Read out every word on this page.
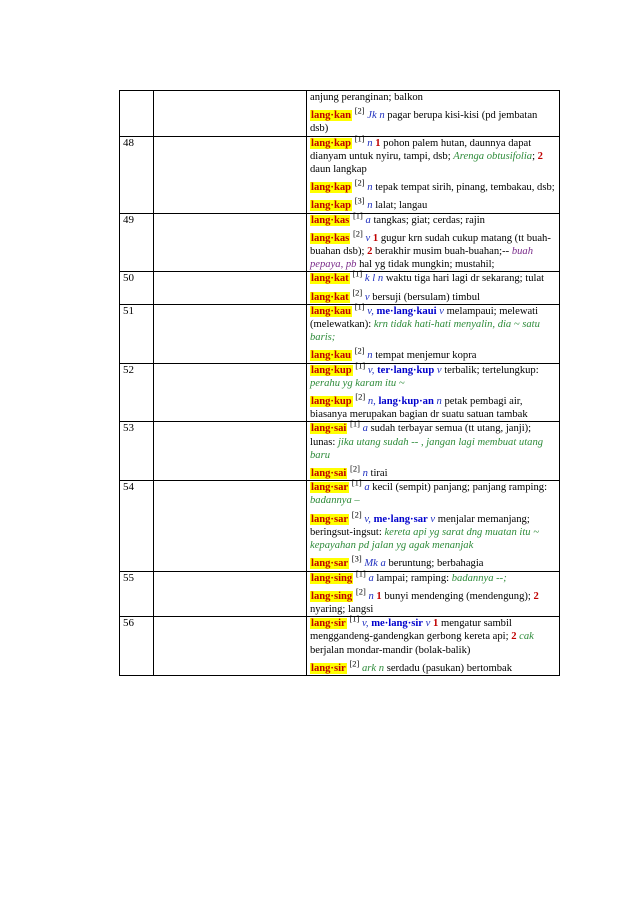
		anjung peranginan; balkon
lang·kan [2] Jk n pagar berupa kisi-kisi (pd jembatan dsb)

48		lang·kap [1] n 1 pohon palem hutan, daunnya dapat dianyam untuk nyiru, tampi, dsb; Arenga obtusifolia; 2 daun langkap
lang·kap [2] n tepak tempat sirih, pinang, tembakau, dsb;
lang·kap [3] n lalat; langau

49		lang·kas [1] a tangkas; giat; cerdas; rajin
lang·kas [2] v 1 gugur krn sudah cukup matang (tt buah-buahan dsb); 2 berakhir musim buah-buahan;-- buah pepaya, pb hal yg tidak mungkin; mustahil;

50		lang·kat [1] k l n waktu tiga hari lagi dr sekarang; tulat
lang·kat [2] v bersuji (bersulam) timbul

51		lang·kau [1] v, me·lang·kaui v melampaui; melewati (melewatkan): krn tidak hati-hati menyalin, dia ~ satu baris;
lang·kau [2] n tempat menjemur kopra

52		lang·kup [1] v, ter·lang·kup v terbalik; tertelungkup: perahu yg karam itu ~
lang·kup [2] n, lang·kup·an n petak pembagi air, biasanya merupakan bagian dr suatu satuan tambak

53		lang·sai [1] a sudah terbayar semua (tt utang, janji); lunas: jika utang sudah -- , jangan lagi membuat utang baru
lang·sai [2] n tirai

54		lang·sar [1] a kecil (sempit) panjang; panjang ramping: badannya –
lang·sar [2] v, me·lang·sar v menjalar memanjang; beringsut-ingsut: kereta api yg sarat dng muatan itu ~ kepayahan pd jalan yg agak menanjak
lang·sar [3] Mk a beruntung; berbahagia

55		lang·sing [1] a lampai; ramping: badannya --;
lang·sing [2] n 1 bunyi mendenging (mendengung); 2 nyaring; langsi

56		lang·sir [1] v, me·lang·sir v 1 mengatur sambil menggandeng-gandengkan gerbong kereta api; 2 cak berjalan mondar-mandir (bolak-balik)
lang·sir [2] ark n serdadu (pasukan) bertombak
